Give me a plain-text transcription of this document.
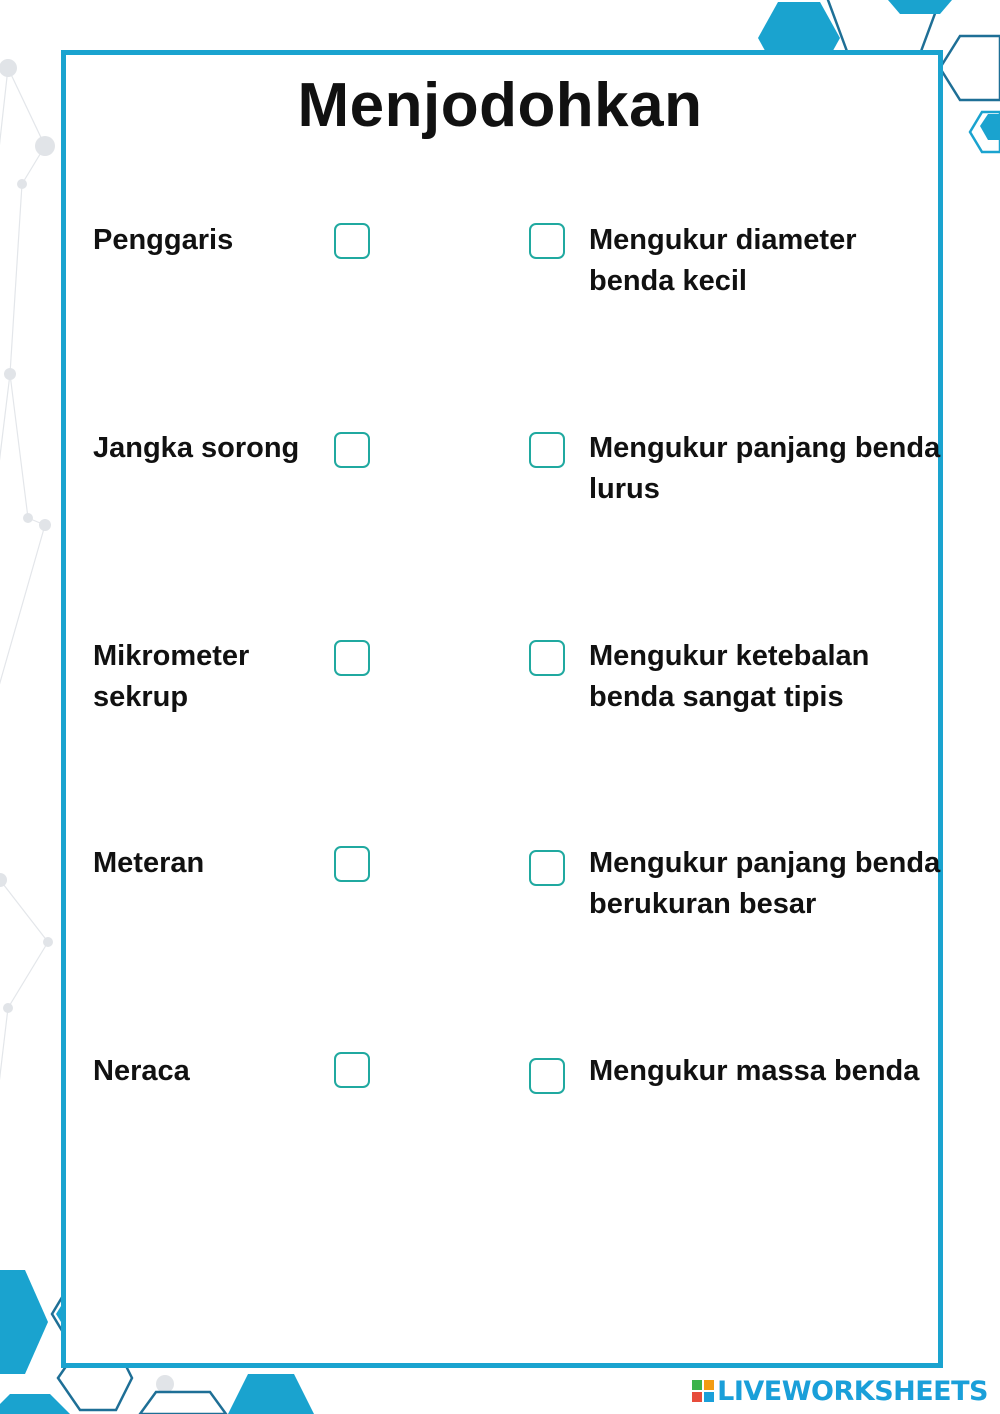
Menjodohkan
Penggaris
Jangka sorong
Mikrometer sekrup
Meteran
Neraca
Mengukur diameter benda kecil
Mengukur panjang benda lurus
Mengukur ketebalan benda sangat tipis
Mengukur panjang benda berukuran besar
Mengukur massa benda
LIVEWORKSHEETS
